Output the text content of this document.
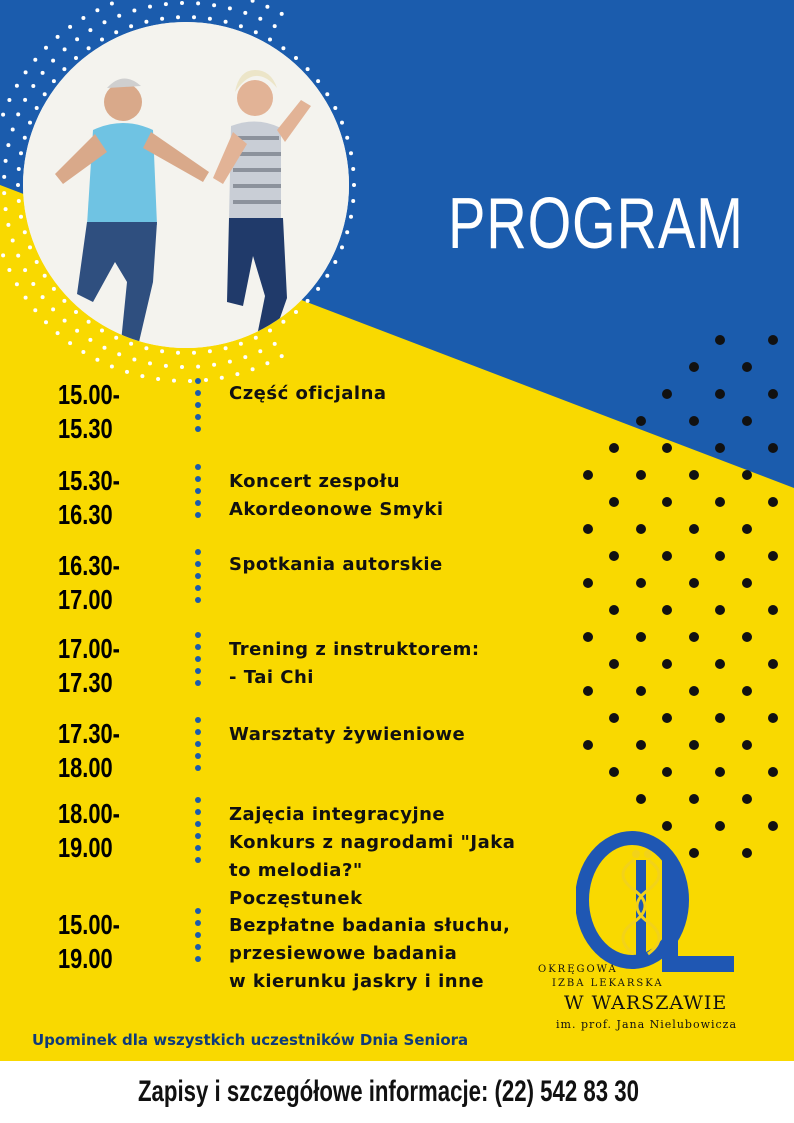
PROGRAM

15.00-
15.30

Część oficjalna

15.30-
16.30

Koncert zespołu
Akordeonowe Smyki

16.30-
17.00

Spotkania autorskie

17.00-
17.30

Trening z instruktorem:
- Tai Chi

17.30-
18.00

Warsztaty żywieniowe

18.00-
19.00

Zajęcia integracyjne
Konkurs z nagrodami "Jaka
to melodia?"
Poczęstunek

15.00-
19.00

Bezpłatne badania słuchu,
przesiewowe badania
w kierunku jaskry i inne

Upominek dla wszystkich uczestników Dnia Seniora

OKRĘGOWA

IZBA LEKARSKA

W WARSZAWIE

im. prof. Jana Nielubowicza

Zapisy i szczegółowe informacje: (22) 542 83 30
